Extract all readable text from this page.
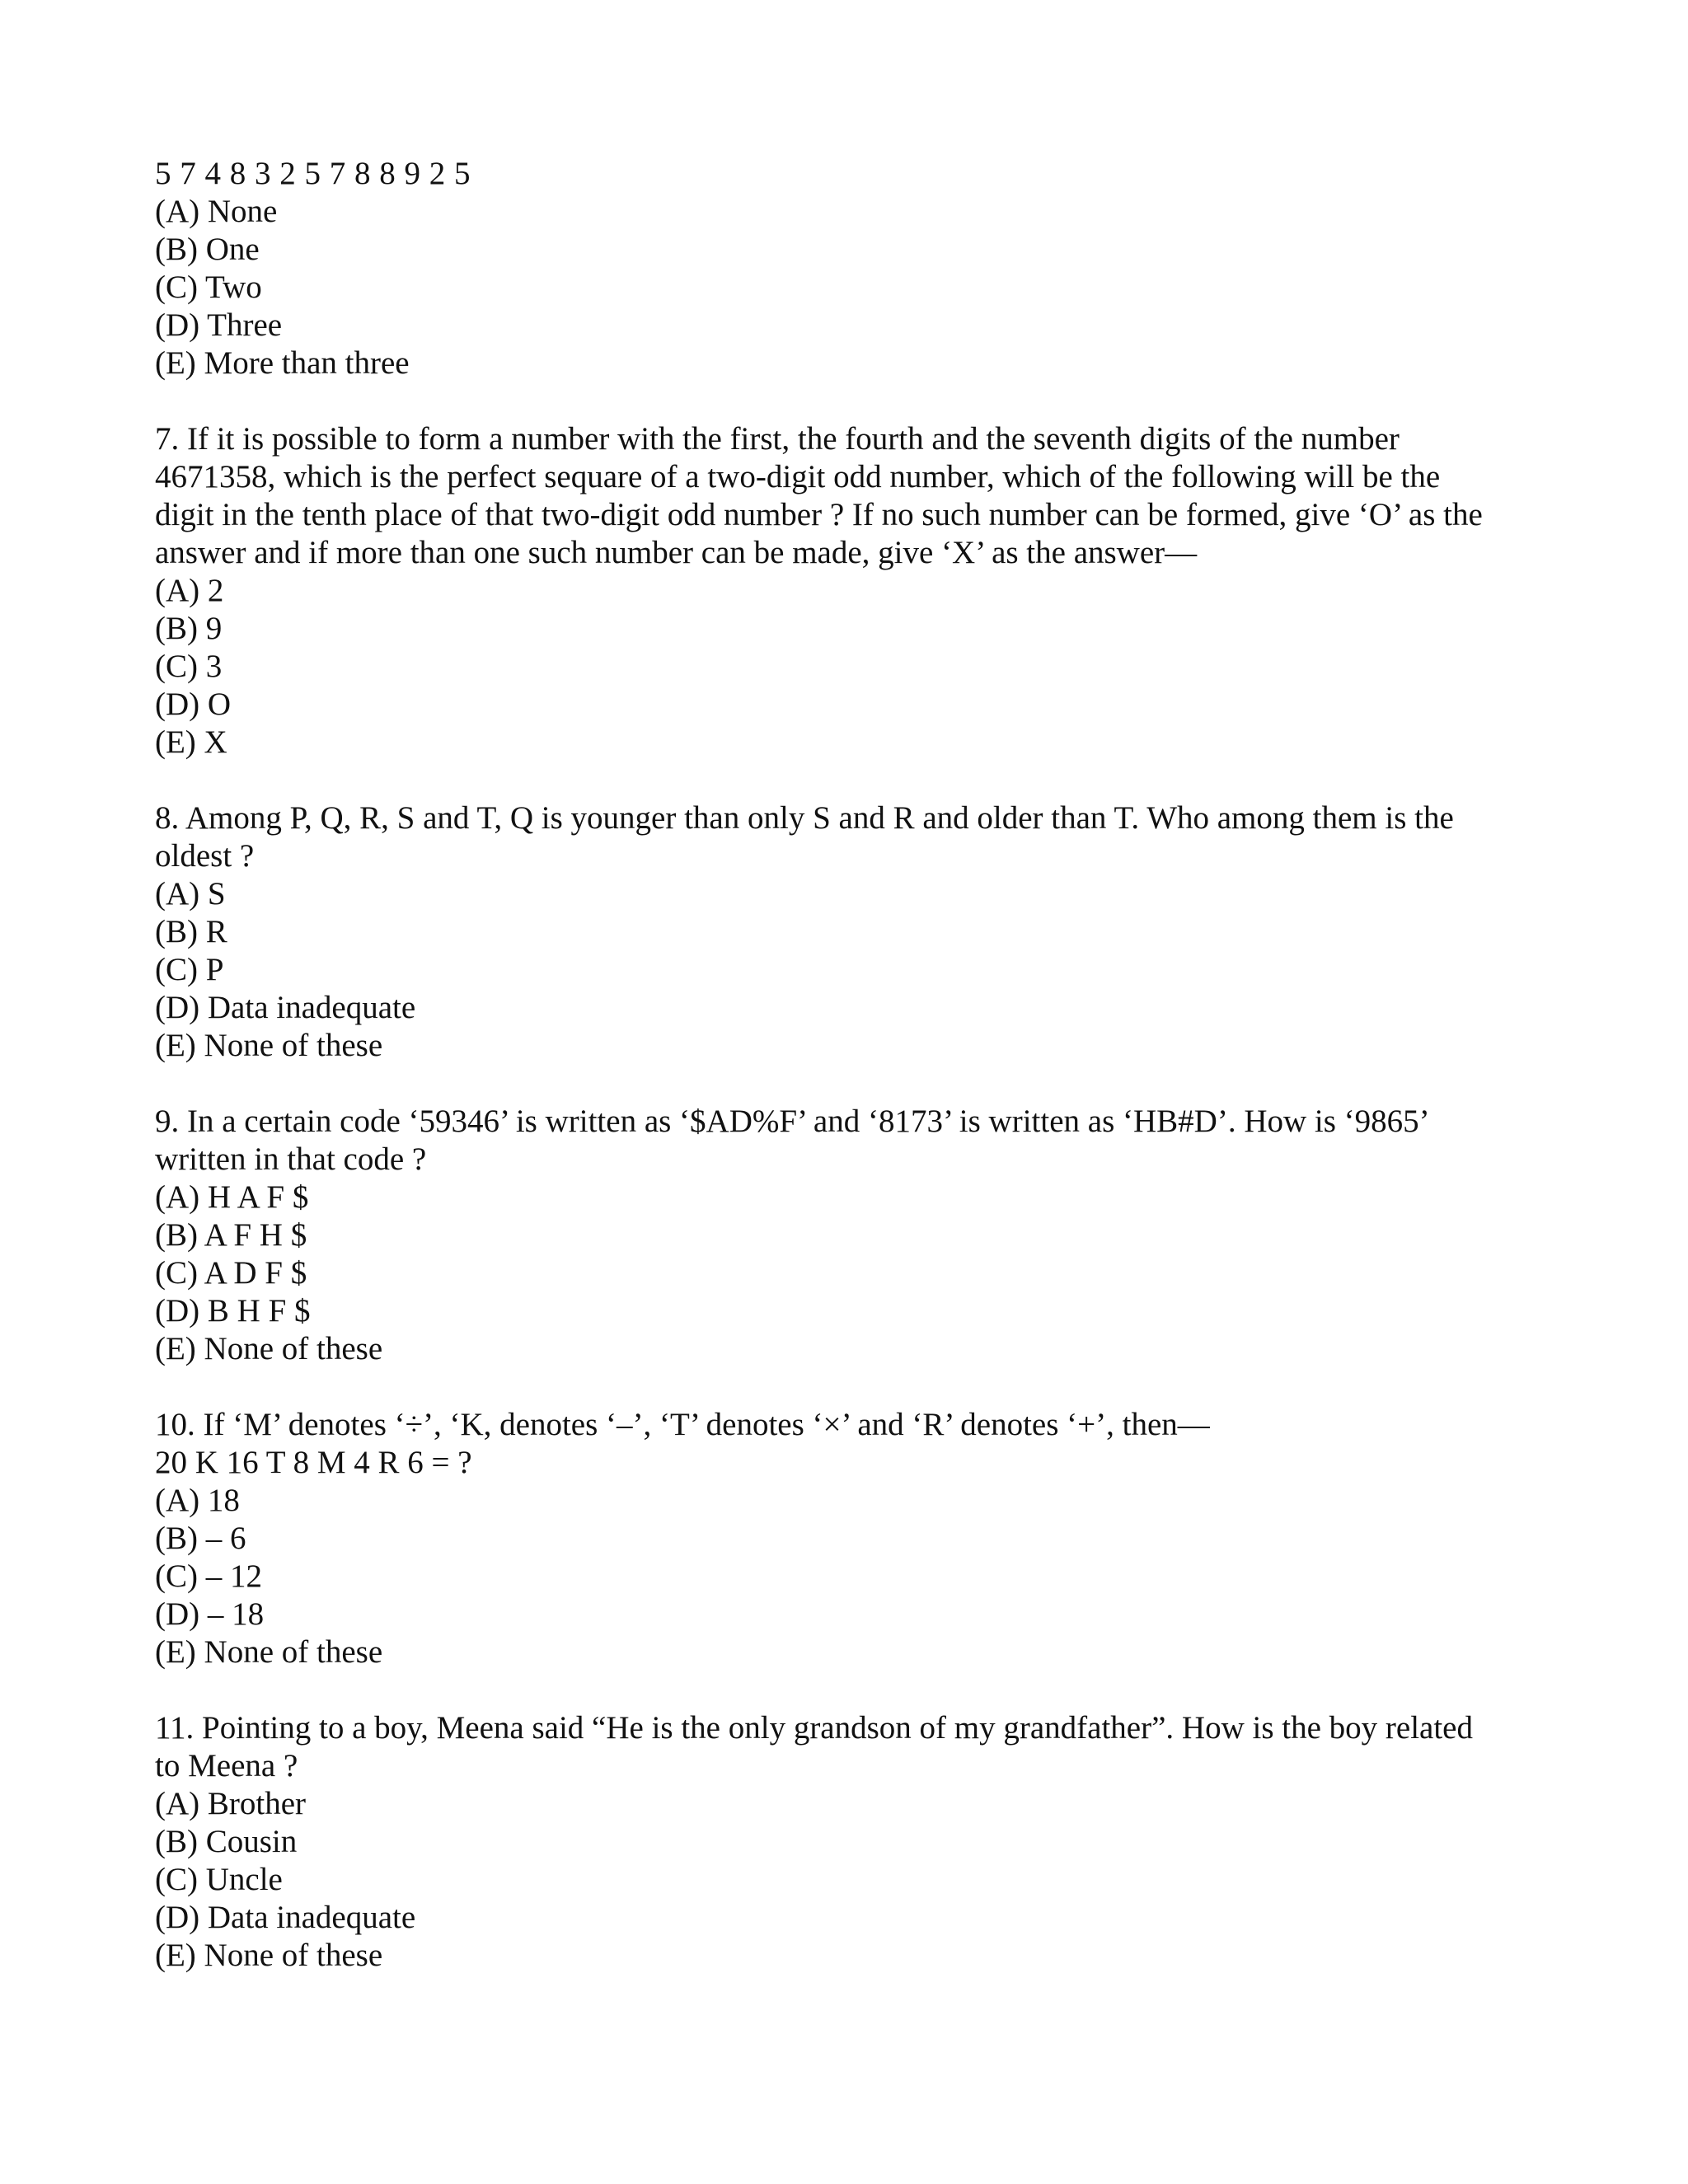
5 7 4 8 3 2 5 7 8 8 9 2 5
(A) None
(B) One
(C) Two
(D) Three
(E) More than three
7. If it is possible to form a number with the first, the fourth and the seventh digits of the number
4671358, which is the perfect sequare of a two-digit odd number, which of the following will be the
digit in the tenth place of that two-digit odd number ? If no such number can be formed, give ‘O’ as the
answer and if more than one such number can be made, give ‘X’ as the answer—
(A) 2
(B) 9
(C) 3
(D) O
(E) X
8. Among P, Q, R, S and T, Q is younger than only S and R and older than T. Who among them is the
oldest ?
(A) S
(B) R
(C) P
(D) Data inadequate
(E) None of these
9. In a certain code ‘59346’ is written as ‘$AD%F’ and ‘8173’ is written as ‘HB#D’. How is ‘9865’
written in that code ?
(A) H A F $
(B) A F H $
(C) A D F $
(D) B H F $
(E) None of these
10. If ‘M’ denotes ‘÷’, ‘K, denotes ‘–’, ‘T’ denotes ‘×’ and ‘R’ denotes ‘+’, then—
20 K 16 T 8 M 4 R 6 = ?
(A) 18
(B) – 6
(C) – 12
(D) – 18
(E) None of these
11. Pointing to a boy, Meena said “He is the only grandson of my grandfather”. How is the boy related
to Meena ?
(A) Brother
(B) Cousin
(C) Uncle
(D) Data inadequate
(E) None of these
